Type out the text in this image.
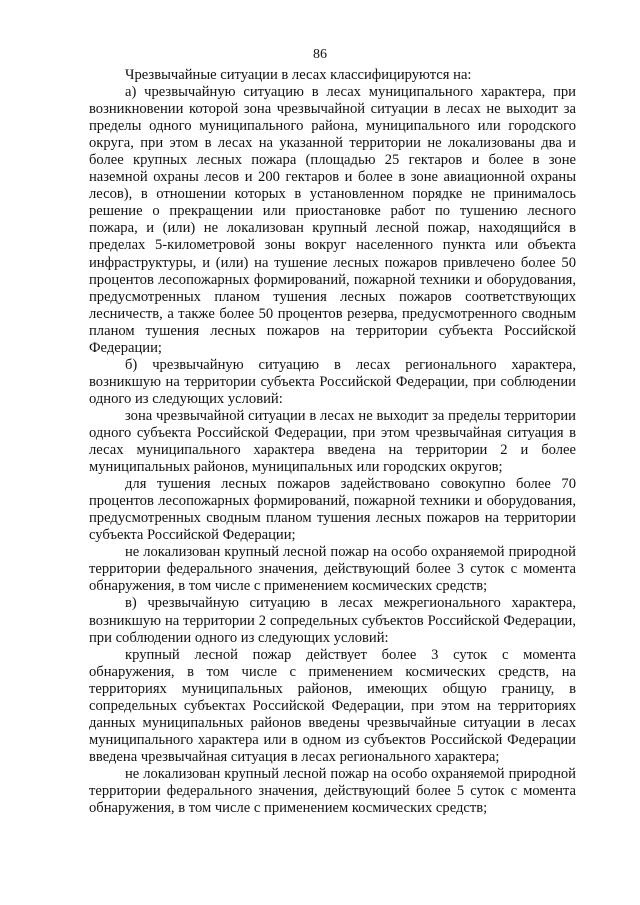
86

Чрезвычайные ситуации в лесах классифицируются на:

а) чрезвычайную ситуацию в лесах муниципального характера, при возникновении которой зона чрезвычайной ситуации в лесах не выходит за пределы одного муниципального района, муниципального или городского округа, при этом в лесах на указанной территории не локализованы два и более крупных лесных пожара (площадью 25 гектаров и более в зоне наземной охраны лесов и 200 гектаров и более в зоне авиационной охраны лесов), в отношении которых в установленном порядке не принималось решение о прекращении или приостановке работ по тушению лесного пожара, и (или) не локализован крупный лесной пожар, находящийся в пределах 5-километровой зоны вокруг населенного пункта или объекта инфраструктуры, и (или) на тушение лесных пожаров привлечено более 50 процентов лесопожарных формирований, пожарной техники и оборудования, предусмотренных планом тушения лесных пожаров соответствующих лесничеств, а также более 50 процентов резерва, предусмотренного сводным планом тушения лесных пожаров на территории субъекта Российской Федерации;

б) чрезвычайную ситуацию в лесах регионального характера, возникшую на территории субъекта Российской Федерации, при соблюдении одного из следующих условий:

зона чрезвычайной ситуации в лесах не выходит за пределы территории одного субъекта Российской Федерации, при этом чрезвычайная ситуация в лесах муниципального характера введена на территории 2 и более муниципальных районов, муниципальных или городских округов;

для тушения лесных пожаров задействовано совокупно более 70 процентов лесопожарных формирований, пожарной техники и оборудования, предусмотренных сводным планом тушения лесных пожаров на территории субъекта Российской Федерации;

не локализован крупный лесной пожар на особо охраняемой природной территории федерального значения, действующий более 3 суток с момента обнаружения, в том числе с применением космических средств;

в) чрезвычайную ситуацию в лесах межрегионального характера, возникшую на территории 2 сопредельных субъектов Российской Федерации, при соблюдении одного из следующих условий:

крупный лесной пожар действует более 3 суток с момента обнаружения, в том числе с применением космических средств, на территориях муниципальных районов, имеющих общую границу, в сопредельных субъектах Российской Федерации, при этом на территориях данных муниципальных районов введены чрезвычайные ситуации в лесах муниципального характера или в одном из субъектов Российской Федерации введена чрезвычайная ситуация в лесах регионального характера;

не локализован крупный лесной пожар на особо охраняемой природной территории федерального значения, действующий более 5 суток с момента обнаружения, в том числе с применением космических средств;
